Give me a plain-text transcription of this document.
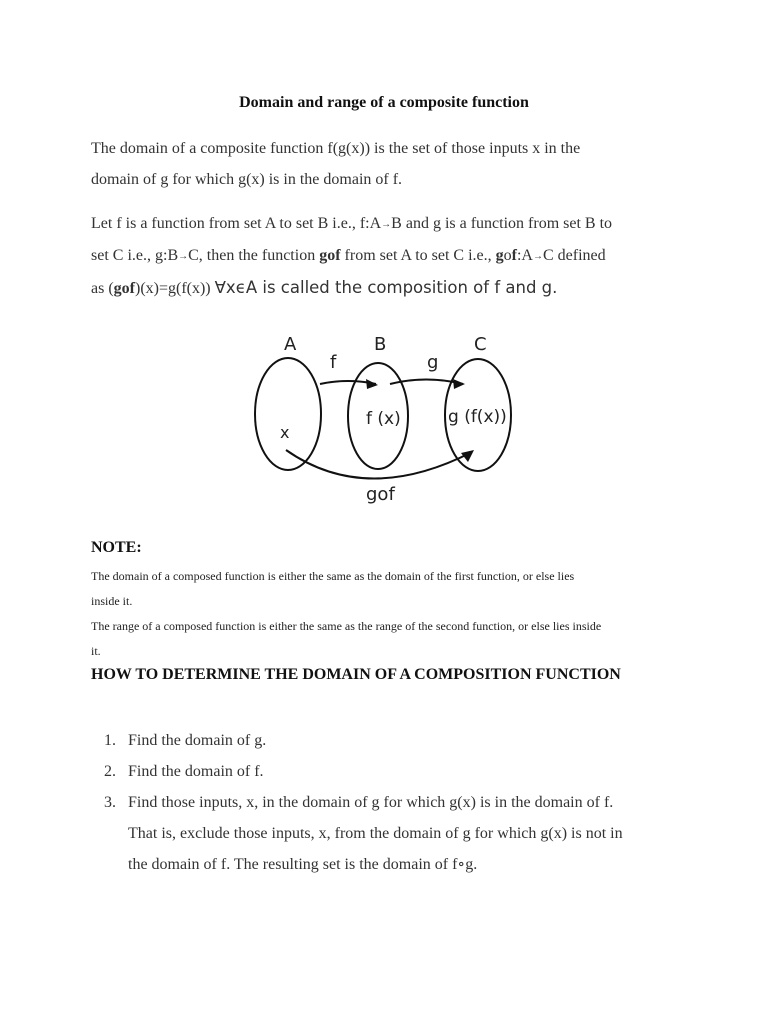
Domain and range of a composite function
The domain of a composite function f(g(x)) is the set of those inputs x in the
domain of g for which g(x) is in the domain of f.
Let f is a function from set A to set B i.e., f:A→B and g is a function from set B to
set C i.e., g:B→C, then the function gof from set A to set C i.e., gof:A→C defined
as (gof)(x)=g(f(x)) ∀xϵA is called the composition of f and g.
A	B	C
f	g
x
f (x)	g (f(x))
gof
NOTE:
The domain of a composed function is either the same as the domain of the first function, or else lies
inside it.
The range of a composed function is either the same as the range of the second function, or else lies inside
it.
HOW TO DETERMINE THE DOMAIN OF A COMPOSITION FUNCTION
1. Find the domain of g.
2. Find the domain of f.
3. Find those inputs, x, in the domain of g for which g(x) is in the domain of f.
That is, exclude those inputs, x, from the domain of g for which g(x) is not in
the domain of f. The resulting set is the domain of f∘g.
